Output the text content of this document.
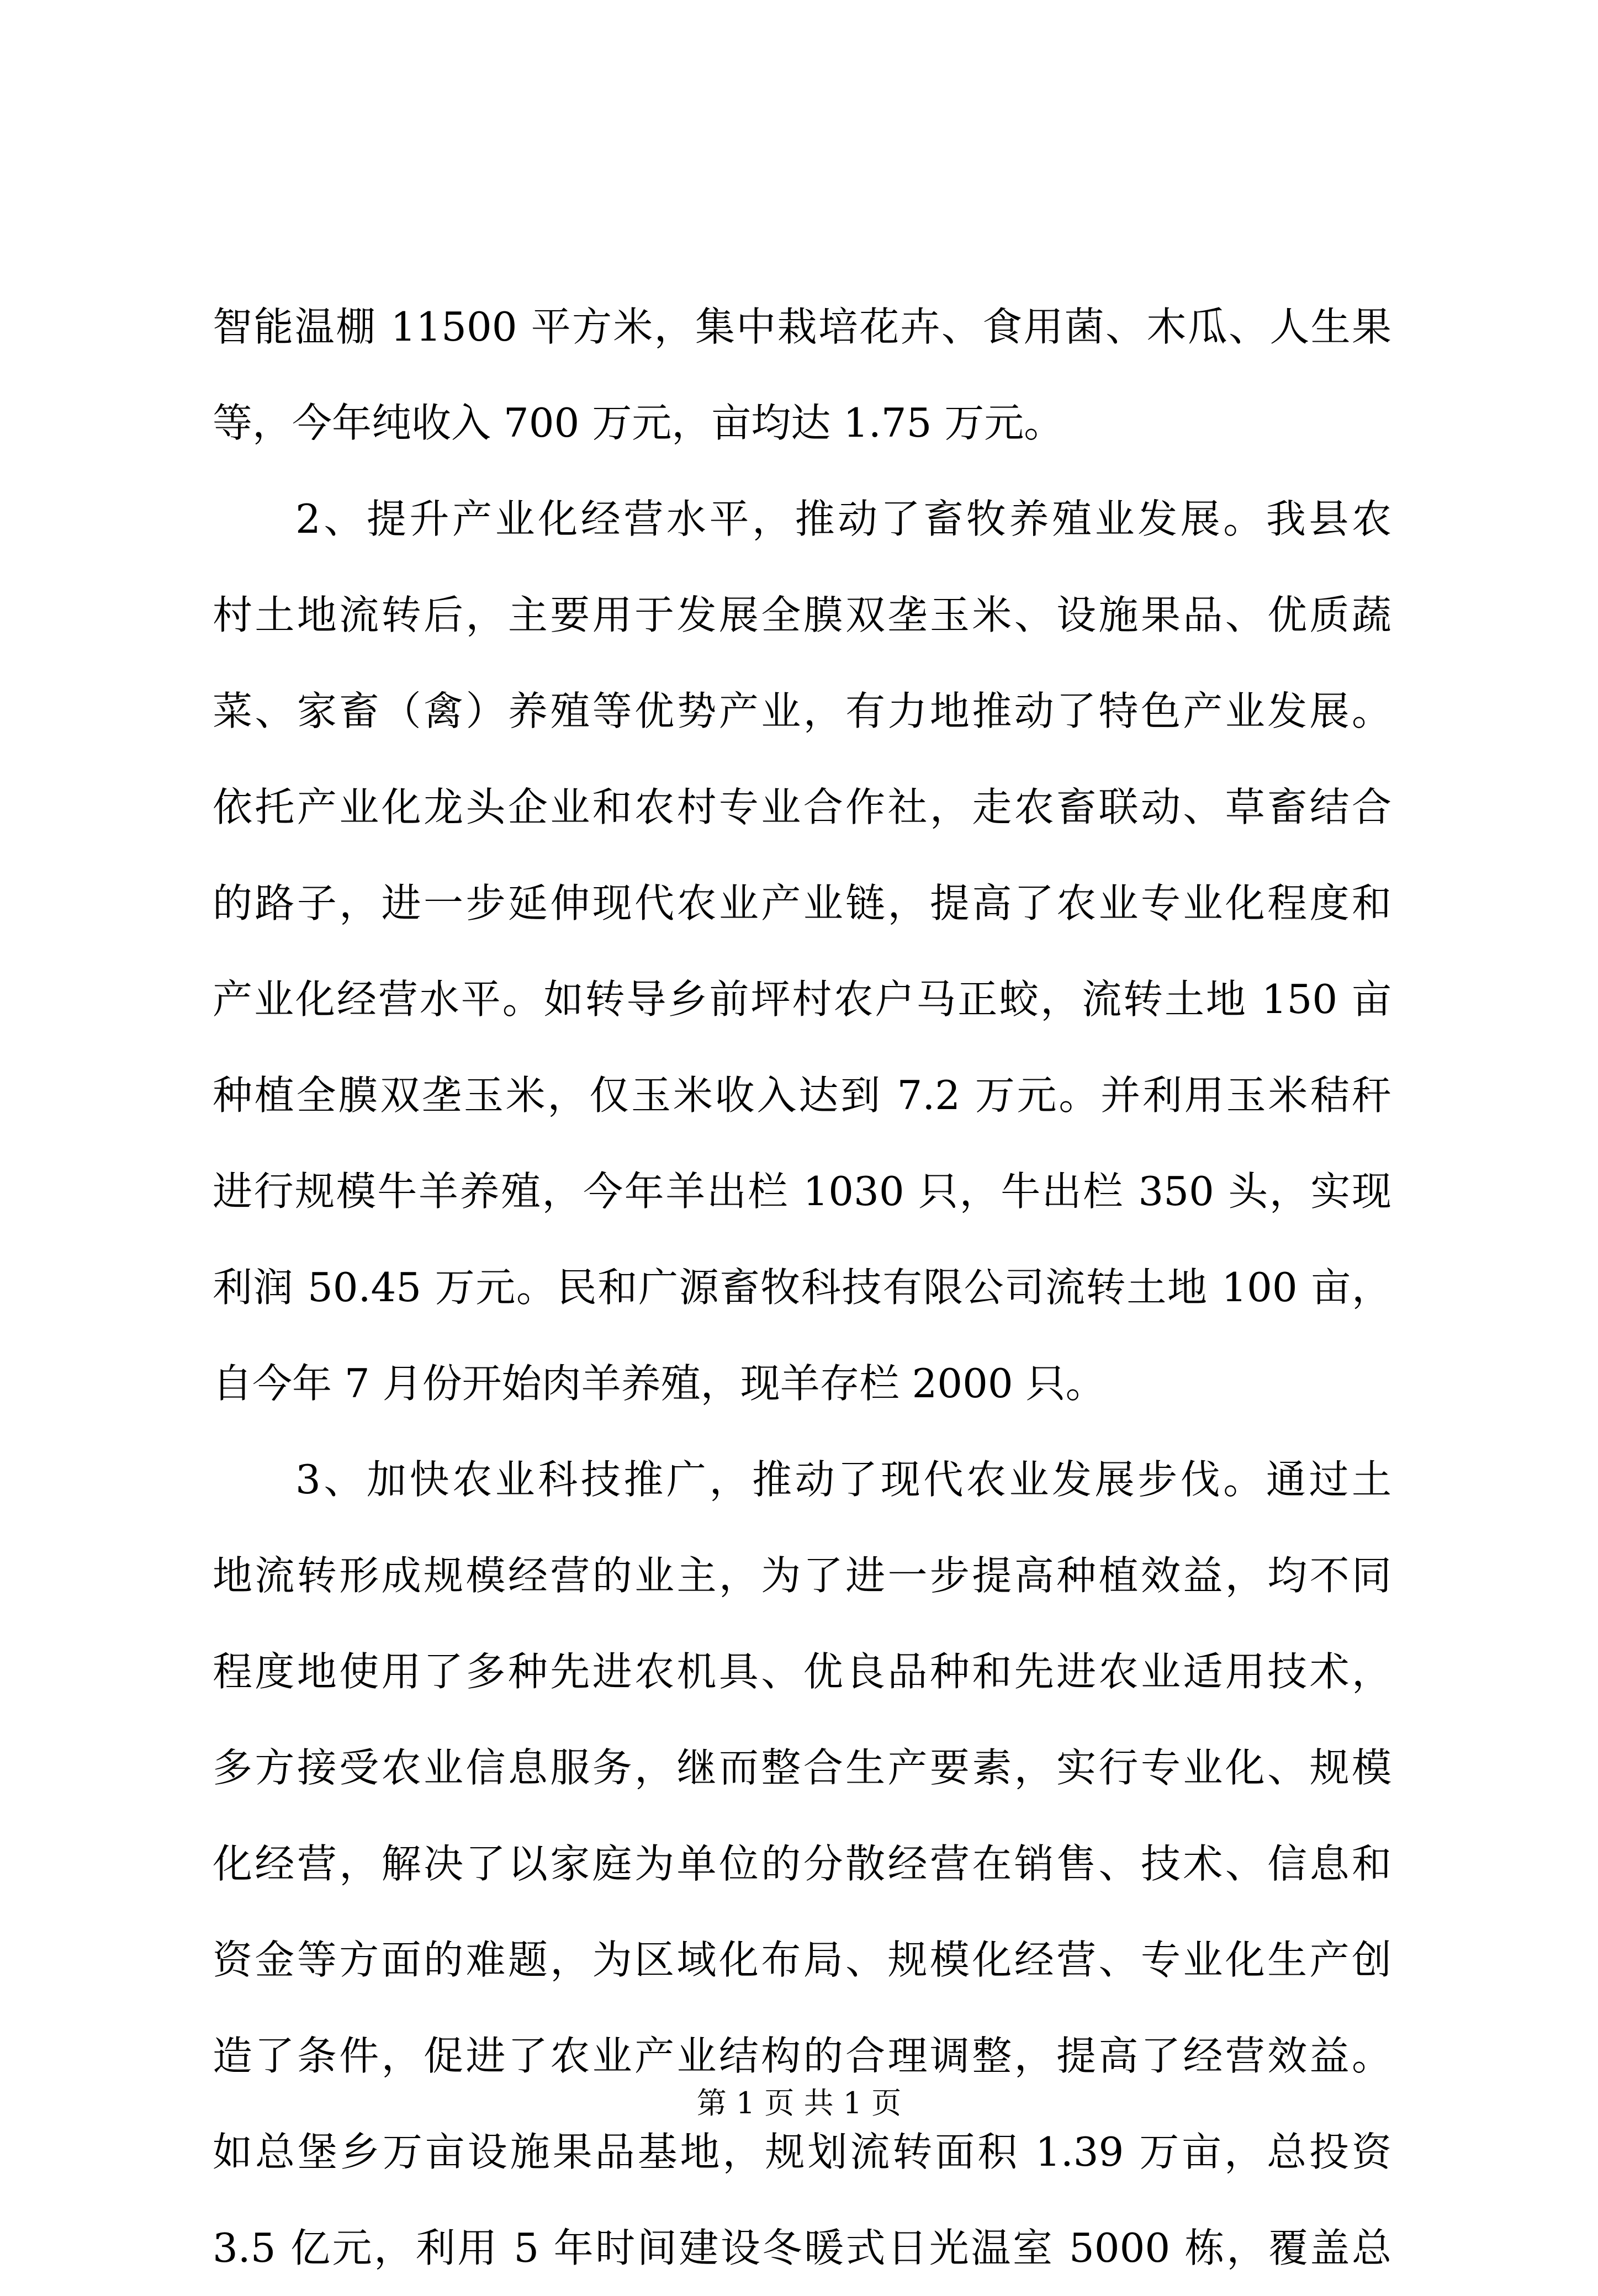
智能温棚 11500 平方米，集中栽培花卉、食用菌、木瓜、人生果
等，今年纯收入 700 万元，亩均达 1.75 万元。
2、提升产业化经营水平，推动了畜牧养殖业发展。我县农
村土地流转后，主要用于发展全膜双垄玉米、设施果品、优质蔬
菜、家畜（禽）养殖等优势产业，有力地推动了特色产业发展。
依托产业化龙头企业和农村专业合作社，走农畜联动、草畜结合
的路子，进一步延伸现代农业产业链，提高了农业专业化程度和
产业化经营水平。如转导乡前坪村农户马正蛟，流转土地 150 亩
种植全膜双垄玉米，仅玉米收入达到 7.2 万元。并利用玉米秸秆
进行规模牛羊养殖，今年羊出栏 1030 只，牛出栏 350 头，实现
利润 50.45 万元。民和广源畜牧科技有限公司流转土地 100 亩，
自今年 7 月份开始肉羊养殖，现羊存栏 2000 只。
3、加快农业科技推广，推动了现代农业发展步伐。通过土
地流转形成规模经营的业主，为了进一步提高种植效益，均不同
程度地使用了多种先进农机具、优良品种和先进农业适用技术，
多方接受农业信息服务，继而整合生产要素，实行专业化、规模
化经营，解决了以家庭为单位的分散经营在销售、技术、信息和
资金等方面的难题，为区域化布局、规模化经营、专业化生产创
造了条件，促进了农业产业结构的合理调整，提高了经营效益。
如总堡乡万亩设施果品基地，规划流转面积 1.39 万亩，总投资
3.5 亿元，利用 5 年时间建设冬暖式日光温室 5000 栋，覆盖总
第 1 页 共 1 页
